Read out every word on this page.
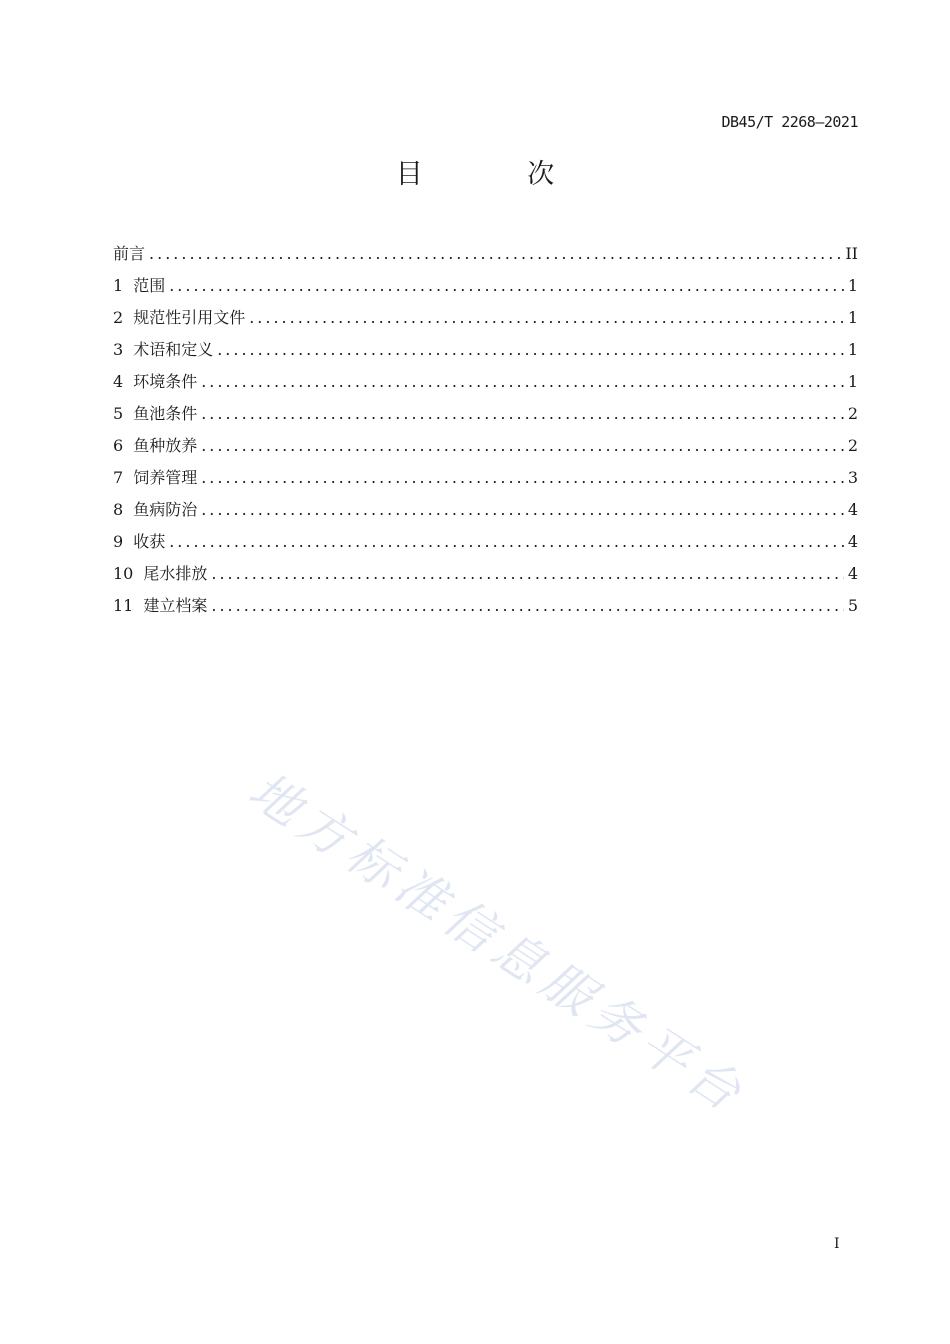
DB45/T 2268—2021
目 次
前言 .....	II
1 范围 .....	1
2 规范性引用文件 .....	1
3 术语和定义 .....	1
4 环境条件 .....	1
5 鱼池条件 .....	2
6 鱼种放养 .....	2
7 饲养管理 .....	3
8 鱼病防治 .....	4
9 收获 .....	4
10 尾水排放 .....	4
11 建立档案 .....	5
地方标准信息服务平台
I
